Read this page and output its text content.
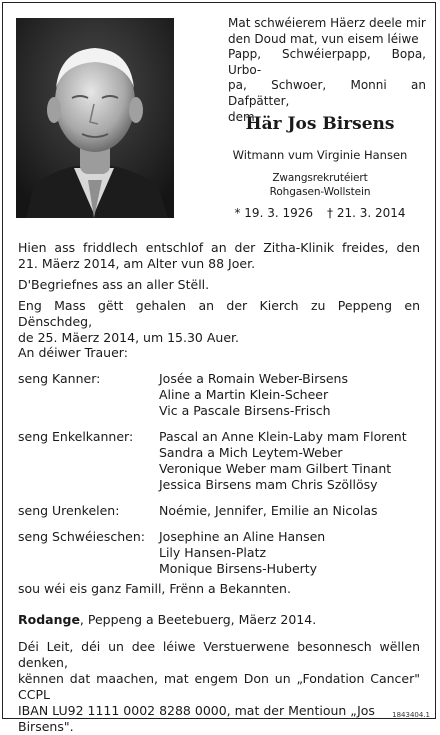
Mat schwéierem Häerz deele mir
den Doud mat, vun eisem léiwe
Papp, Schwéierpapp, Bopa, Urbo-
pa, Schwoer, Monni an Dafpätter,
dem
Här Jos Birsens
Witmann vum Virginie Hansen
Zwangsrekrutéiert
Rohgasen-Wollstein
* 19. 3. 1926 † 21. 3. 2014
Hien ass friddlech entschlof an der Zitha-Klinik freides, den
21. Mäerz 2014, am Alter vun 88 Joer.
D'Begriefnes ass an aller Stëll.
Eng Mass gëtt gehalen an der Kierch zu Peppeng en Dënschdeg,
de 25. Mäerz 2014, um 15.30 Auer.
An déiwer Trauer:
seng Kanner:	Josée a Romain Weber-Birsens
Aline a Martin Klein-Scheer
Vic a Pascale Birsens-Frisch
seng Enkelkanner:	Pascal an Anne Klein-Laby mam Florent
Sandra a Mich Leytem-Weber
Veronique Weber mam Gilbert Tinant
Jessica Birsens mam Chris Szöllösy
seng Urenkelen:	Noémie, Jennifer, Emilie an Nicolas
seng Schwéieschen:	Josephine an Aline Hansen
Lily Hansen-Platz
Monique Birsens-Huberty
sou wéi eis ganz Famill, Frënn a Bekannten.
Rodange, Peppeng a Beetebuerg, Mäerz 2014.
Déi Leit, déi un dee léiwe Verstuerwene besonnesch wëllen denken,
kënnen dat maachen, mat engem Don un „Fondation Cancer" CCPL
IBAN LU92 1111 0002 8288 0000, mat der Mentioun „Jos Birsens".	1843404.1
